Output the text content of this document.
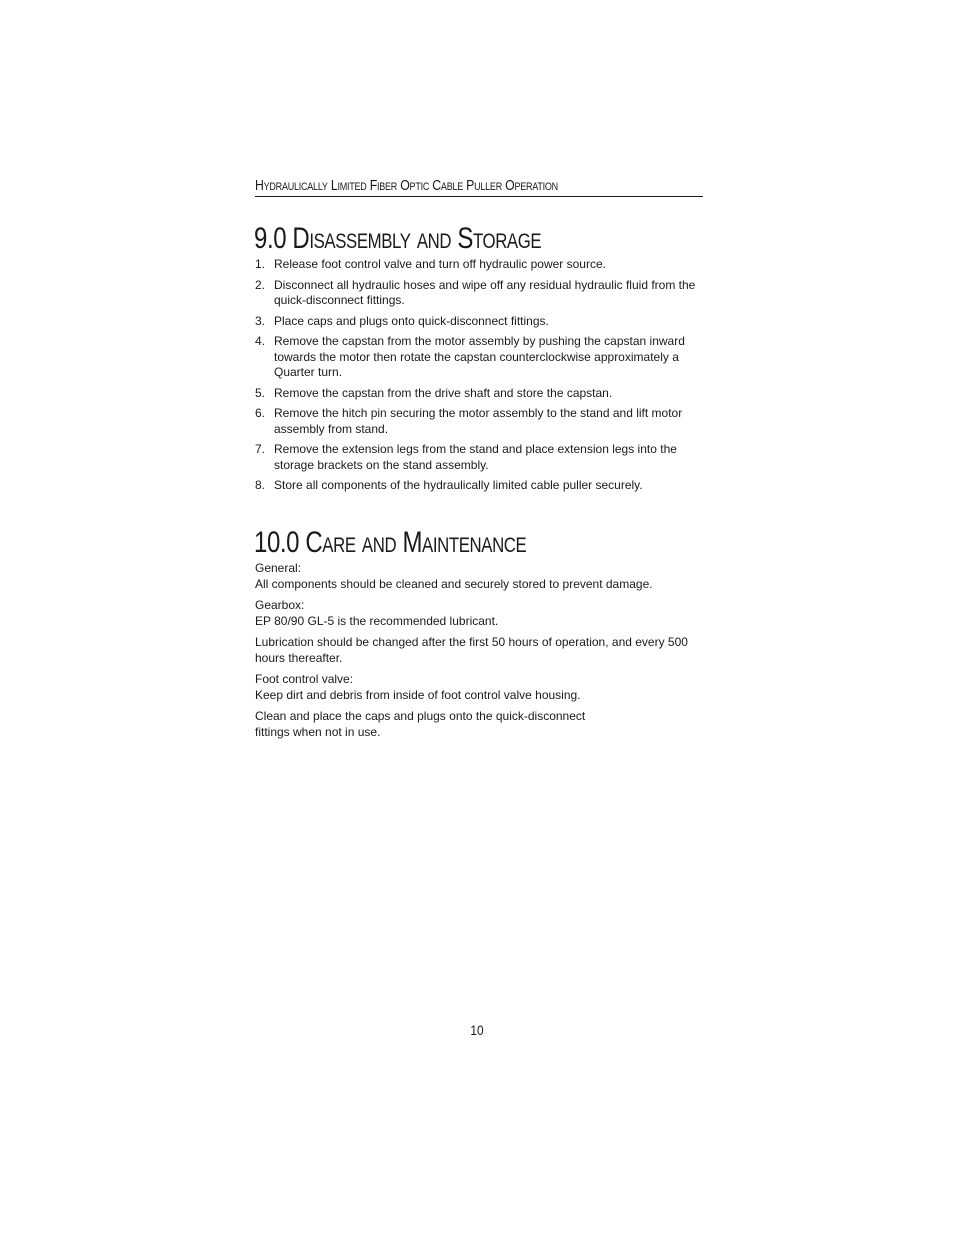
Hydraulically Limited Fiber Optic Cable Puller Operation
9.0 Disassembly and Storage
1. Release foot control valve and turn off hydraulic power source.
2. Disconnect all hydraulic hoses and wipe off any residual hydraulic fluid from the quick-disconnect fittings.
3. Place caps and plugs onto quick-disconnect fittings.
4. Remove the capstan from the motor assembly by pushing the capstan inward towards the motor then rotate the capstan counterclockwise approximately a Quarter turn.
5. Remove the capstan from the drive shaft and store the capstan.
6. Remove the hitch pin securing the motor assembly to the stand and lift motor assembly from stand.
7. Remove the extension legs from the stand and place extension legs into the storage brackets on the stand assembly.
8. Store all components of the hydraulically limited cable puller securely.
10.0 Care and Maintenance

General:
All components should be cleaned and securely stored to prevent damage.

Gearbox:
EP 80/90 GL-5 is the recommended lubricant.

Lubrication should be changed after the first 50 hours of operation, and every 500 hours thereafter.

Foot control valve:
Keep dirt and debris from inside of foot control valve housing.

Clean and place the caps and plugs onto the quick-disconnect
fittings when not in use.

10
